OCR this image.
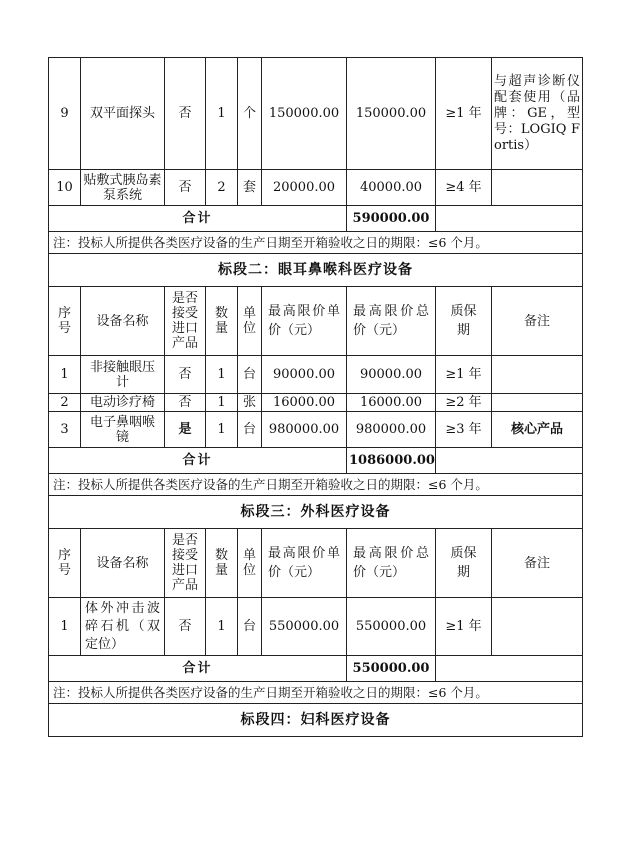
9	双平面探头	否	1	个	150000.00	150000.00	≥1 年	与超声诊断仪配套使用（品牌：GE，型号：LOGIQ Fortis）
10	贴敷式胰岛素泵系统	否	2	套	20000.00	40000.00	≥4 年	
合计						590000.00		
注：投标人所提供各类医疗设备的生产日期至开箱验收之日的期限：≤6 个月。								
标段二：眼耳鼻喉科医疗设备								
序号	设备名称	是否接受进口产品	数量	单位	最高限价单价（元）	最高限价总价（元）	质保期	备注
1	非接触眼压计	否	1	台	90000.00	90000.00	≥1 年	
2	电动诊疗椅	否	1	张	16000.00	16000.00	≥2 年	
3	电子鼻咽喉镜	是	1	台	980000.00	980000.00	≥3 年	核心产品
合计						1086000.00		
注：投标人所提供各类医疗设备的生产日期至开箱验收之日的期限：≤6 个月。								
标段三：外科医疗设备								
序号	设备名称	是否接受进口产品	数量	单位	最高限价单价（元）	最高限价总价（元）	质保期	备注
1	体外冲击波碎石机（双定位）	否	1	台	550000.00	550000.00	≥1 年	
合计						550000.00		
注：投标人所提供各类医疗设备的生产日期至开箱验收之日的期限：≤6 个月。								
标段四：妇科医疗设备								
